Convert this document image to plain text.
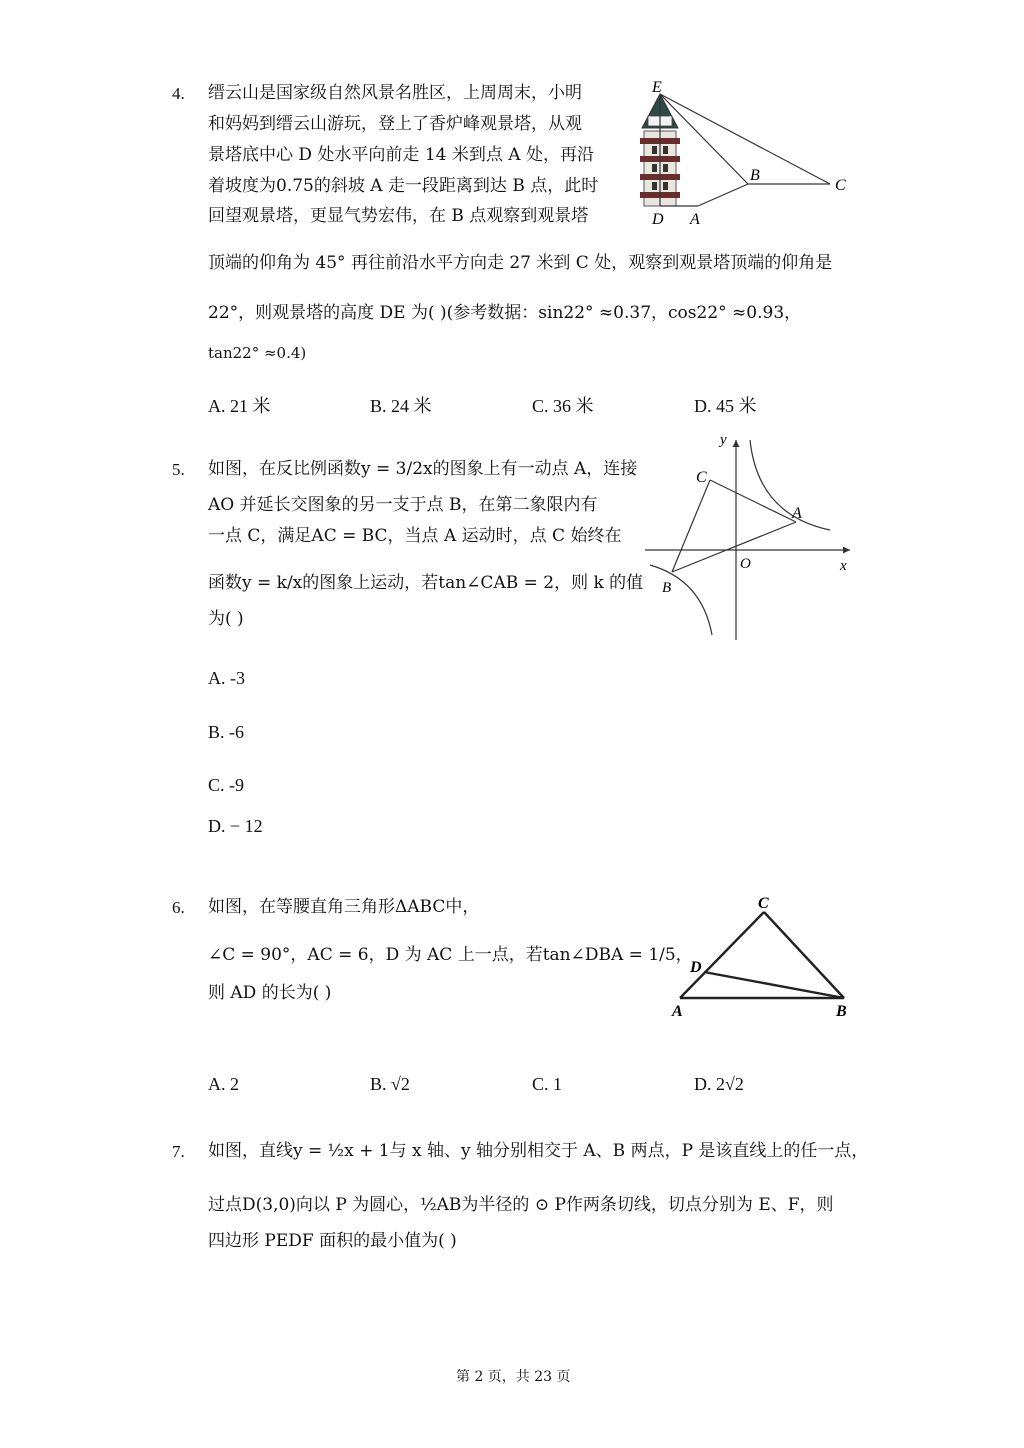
4. 缙云山是国家级自然风景名胜区，上周周末，小明
和妈妈到缙云山游玩，登上了香炉峰观景塔，从观
景塔底中心 D 处水平向前走 14 米到点 A 处，再沿
着坡度为0.75的斜坡 A 走一段距离到达 B 点，此时
回望观景塔，更显气势宏伟，在 B 点观察到观景塔
顶端的仰角为 45° 再往前沿水平方向走 27 米到 C 处，观察到观景塔顶端的仰角是
22°，则观景塔的高度 DE 为( )(参考数据：sin22° ≈0.37，cos22° ≈0.93，
tan22° ≈0.4)
A. 21 米	B. 24 米	C. 36 米	D. 45 米
E
B
C
D A
5. 如图，在反比例函数y = 3/2x的图象上有一动点 A，连接
AO 并延长交图象的另一支于点 B，在第二象限内有
一点 C，满足AC = BC，当点 A 运动时，点 C 始终在
函数y = k/x的图象上运动，若tan∠CAB = 2，则 k 的值
为( )
A. -3
B. -6
C. -9
D. − 12
y
C
A
O	x
B
6. 如图，在等腰直角三角形ΔABC中，
∠C = 90°，AC = 6，D 为 AC 上一点，若tan∠DBA = 1/5，
则 AD 的长为( )
A. 2	B. √2	C. 1	D. 2√2
C
D
A	B
7. 如图，直线y = ½x + 1与 x 轴、y 轴分别相交于 A、B 两点，P 是该直线上的任一点，
过点D(3,0)向以 P 为圆心，½AB为半径的 ⊙ P作两条切线，切点分别为 E、F，则
四边形 PEDF 面积的最小值为( )
第 2 页，共 23 页
